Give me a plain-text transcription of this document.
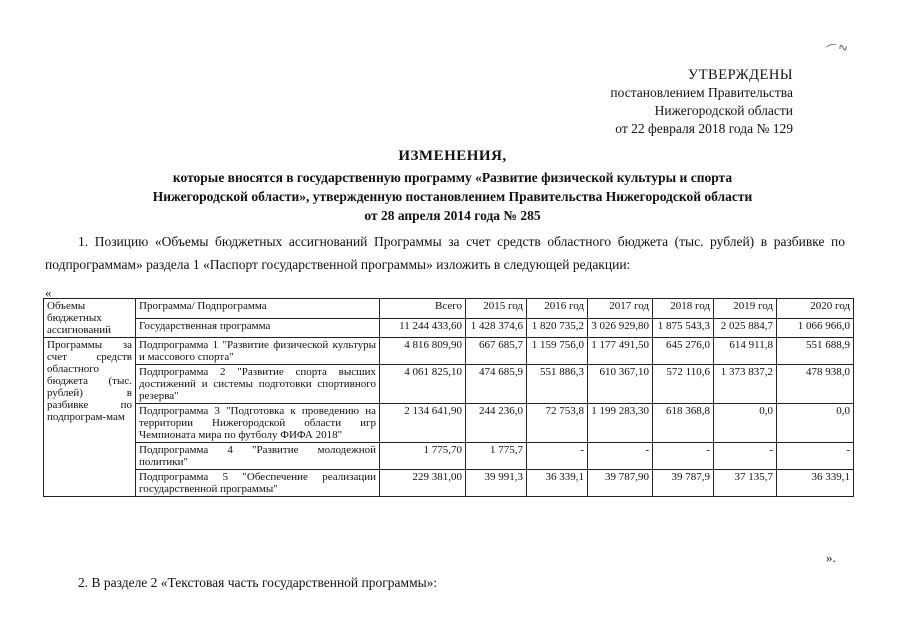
⌒∿
УТВЕРЖДЕНЫ
постановлением Правительства
Нижегородской области
от 22 февраля 2018 года № 129
ИЗМЕНЕНИЯ,
которые вносятся в государственную программу «Развитие физической культуры и спорта
Нижегородской области», утвержденную постановлением Правительства Нижегородской области
от 28 апреля 2014 года № 285
1. Позицию «Объемы бюджетных ассигнований Программы за счет средств областного бюджета (тыс. рублей) в разбивке по подпрограммам» раздела 1 «Паспорт государственной программы» изложить в следующей редакции:
«
Объемы бюджетных ассигнований	Программа/ Подпрограмма	Всего	2015 год	2016 год	2017 год	2018 год	2019 год	2020 год
	Государственная программа	11 244 433,60	1 428 374,6	1 820 735,2	3 026 929,80	1 875 543,3	2 025 884,7	1 066 966,0
Программы за счет средств областного бюджета (тыс. рублей) в разбивке по подпрограм-мам	Подпрограмма 1 "Развитие физической культуры и массового спорта"	4 816 809,90	667 685,7	1 159 756,0	1 177 491,50	645 276,0	614 911,8	551 688,9
	Подпрограмма 2 "Развитие спорта высших достижений и системы подготовки спортивного резерва"	4 061 825,10	474 685,9	551 886,3	610 367,10	572 110,6	1 373 837,2	478 938,0
	Подпрограмма 3 "Подготовка к проведению на территории Нижегородской области игр Чемпионата мира по футболу ФИФА 2018"	2 134 641,90	244 236,0	72 753,8	1 199 283,30	618 368,8	0,0	0,0
	Подпрограмма 4 "Развитие молодежной политики"	1 775,70	1 775,7	-	-	-	-	-
	Подпрограмма 5 "Обеспечение реализации государственной программы"	229 381,00	39 991,3	36 339,1	39 787,90	39 787,9	37 135,7	36 339,1
».
2. В разделе 2 «Текстовая часть государственной программы»:
